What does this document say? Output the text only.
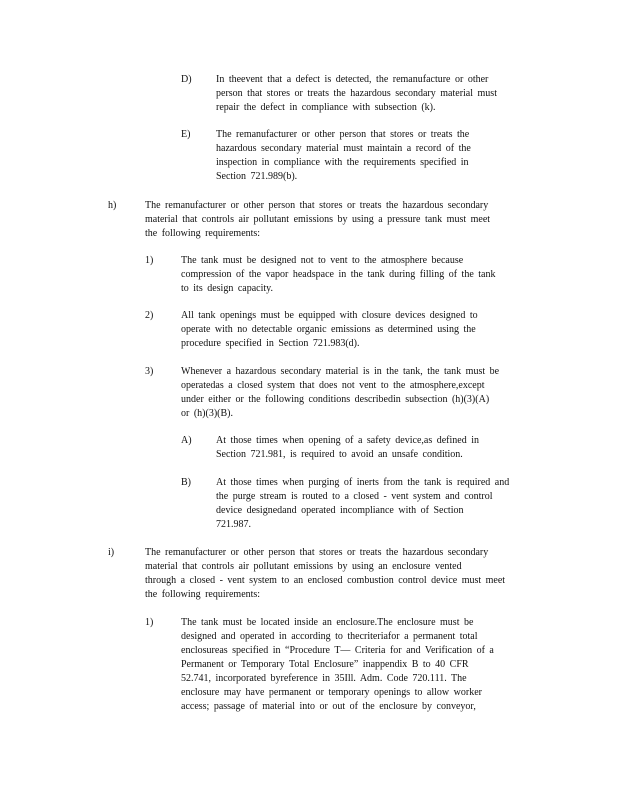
D) In theevent that a defect is detected, the remanufacture or other
person that stores or treats the hazardous secondary material must
repair the defect in compliance with subsection (k).
E)	The remanufacturer or other person that stores or treats the
hazardous secondary material must maintain a record of the
inspection in compliance with the requirements specified in
Section 721.989(b).
h)	The remanufacturer or other person that stores or treats the hazardous secondary
material that controls air pollutant emissions by using a pressure tank must meet
the following requirements:
1)	The tank must be designed not to vent to the atmosphere because
compression of the vapor headspace in the tank during filling of the tank
to its design capacity.
2)	All tank openings must be equipped with closure devices designed to
operate with no detectable organic emissions as determined using the
procedure specified in Section 721.983(d).
3)	Whenever a hazardous secondary material is in the tank, the tank must be
operatedas a closed system that does not vent to the atmosphere,except
under either or the following conditions describedin subsection (h)(3)(A)
or (h)(3)(B).
A) At those times when opening of a safety device,as defined in
Section 721.981, is required to avoid an unsafe condition.
B)	At those times when purging of inerts from the tank is required and
the purge stream is routed to a closed - vent system and control
device designedand operated incompliance with of Section
721.987.
i)	The remanufacturer or other person that stores or treats the hazardous secondary
material that controls air pollutant emissions by using an enclosure vented
through a closed - vent system to an enclosed combustion control device must meet
the following requirements:
1)	The tank must be located inside an enclosure.The enclosure must be
designed and operated in according to thecriteriafor a permanent total
enclosureas specified in “Procedure T— Criteria for and Verification of a
Permanent or Temporary Total Enclosure” inappendix B to 40 CFR
52.741, incorporated byreference in 35Ill. Adm. Code 720.111. The
enclosure may have permanent or temporary openings to allow worker
access; passage of material into or out of the enclosure by conveyor,
